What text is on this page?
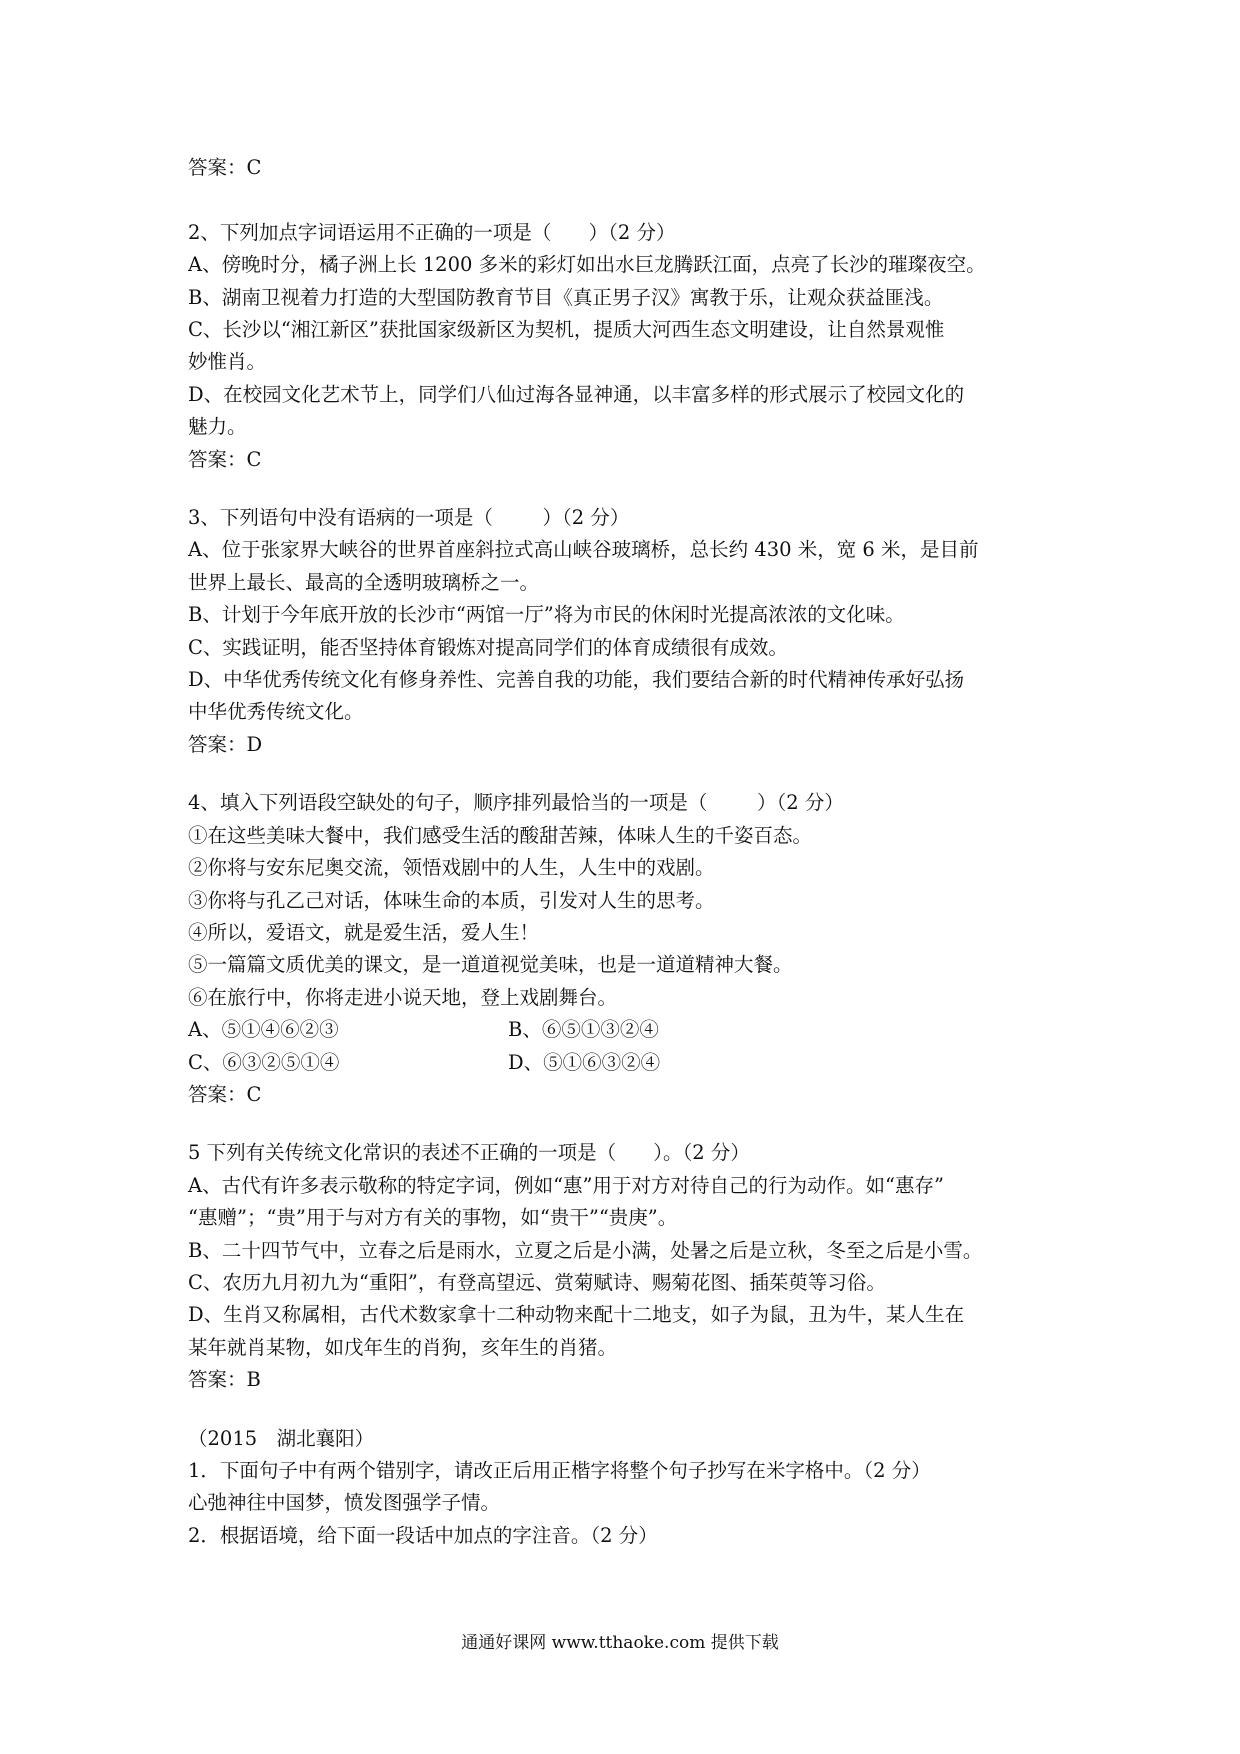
答案：C
2、下列加点字词语运用不正确的一项是（      ）（2 分）
A、傍晚时分，橘子洲上长 1200 多米的彩灯如出水巨龙腾跃江面，点亮了长沙的璀璨夜空。
B、湖南卫视着力打造的大型国防教育节目《真正男子汉》寓教于乐，让观众获益匪浅。
C、长沙以“湘江新区”获批国家级新区为契机，提质大河西生态文明建设，让自然景观惟
妙惟肖。
D、在校园文化艺术节上，同学们八仙过海各显神通，以丰富多样的形式展示了校园文化的
魅力。
答案：C
3、下列语句中没有语病的一项是（        ）（2 分）
A、位于张家界大峡谷的世界首座斜拉式高山峡谷玻璃桥，总长约 430 米，宽 6 米，是目前
世界上最长、最高的全透明玻璃桥之一。
B、计划于今年底开放的长沙市“两馆一厅”将为市民的休闲时光提高浓浓的文化味。
C、实践证明，能否坚持体育锻炼对提高同学们的体育成绩很有成效。
D、中华优秀传统文化有修身养性、完善自我的功能，我们要结合新的时代精神传承好弘扬
中华优秀传统文化。
答案：D
4、填入下列语段空缺处的句子，顺序排列最恰当的一项是（        ）（2 分）
①在这些美味大餐中，我们感受生活的酸甜苦辣，体味人生的千姿百态。
②你将与安东尼奥交流，领悟戏剧中的人生，人生中的戏剧。
③你将与孔乙己对话，体味生命的本质，引发对人生的思考。
④所以，爱语文，就是爱生活，爱人生！
⑤一篇篇文质优美的课文，是一道道视觉美味，也是一道道精神大餐。
⑥在旅行中，你将走进小说天地，登上戏剧舞台。
A、⑤①④⑥②③	B、⑥⑤①③②④
C、⑥③②⑤①④	D、⑤①⑥③②④
答案：C
5 下列有关传统文化常识的表述不正确的一项是（      ）。（2 分）
A、古代有许多表示敬称的特定字词，例如“惠”用于对方对待自己的行为动作。如“惠存”
“惠赠”；“贵”用于与对方有关的事物，如“贵干”“贵庚”。
B、二十四节气中，立春之后是雨水，立夏之后是小满，处暑之后是立秋，冬至之后是小雪。
C、农历九月初九为“重阳”，有登高望远、赏菊赋诗、赐菊花图、插茱萸等习俗。
D、生肖又称属相，古代术数家拿十二种动物来配十二地支，如子为鼠，丑为牛，某人生在
某年就肖某物，如戊年生的肖狗，亥年生的肖猪。
答案：B
（2015　湖北襄阳）
1．下面句子中有两个错别字，请改正后用正楷字将整个句子抄写在米字格中。（2 分）
心弛神往中国梦，愤发图强学子情。
2．根据语境，给下面一段话中加点的字注音。（2 分）
通通好课网 www.tthaoke.com 提供下载
